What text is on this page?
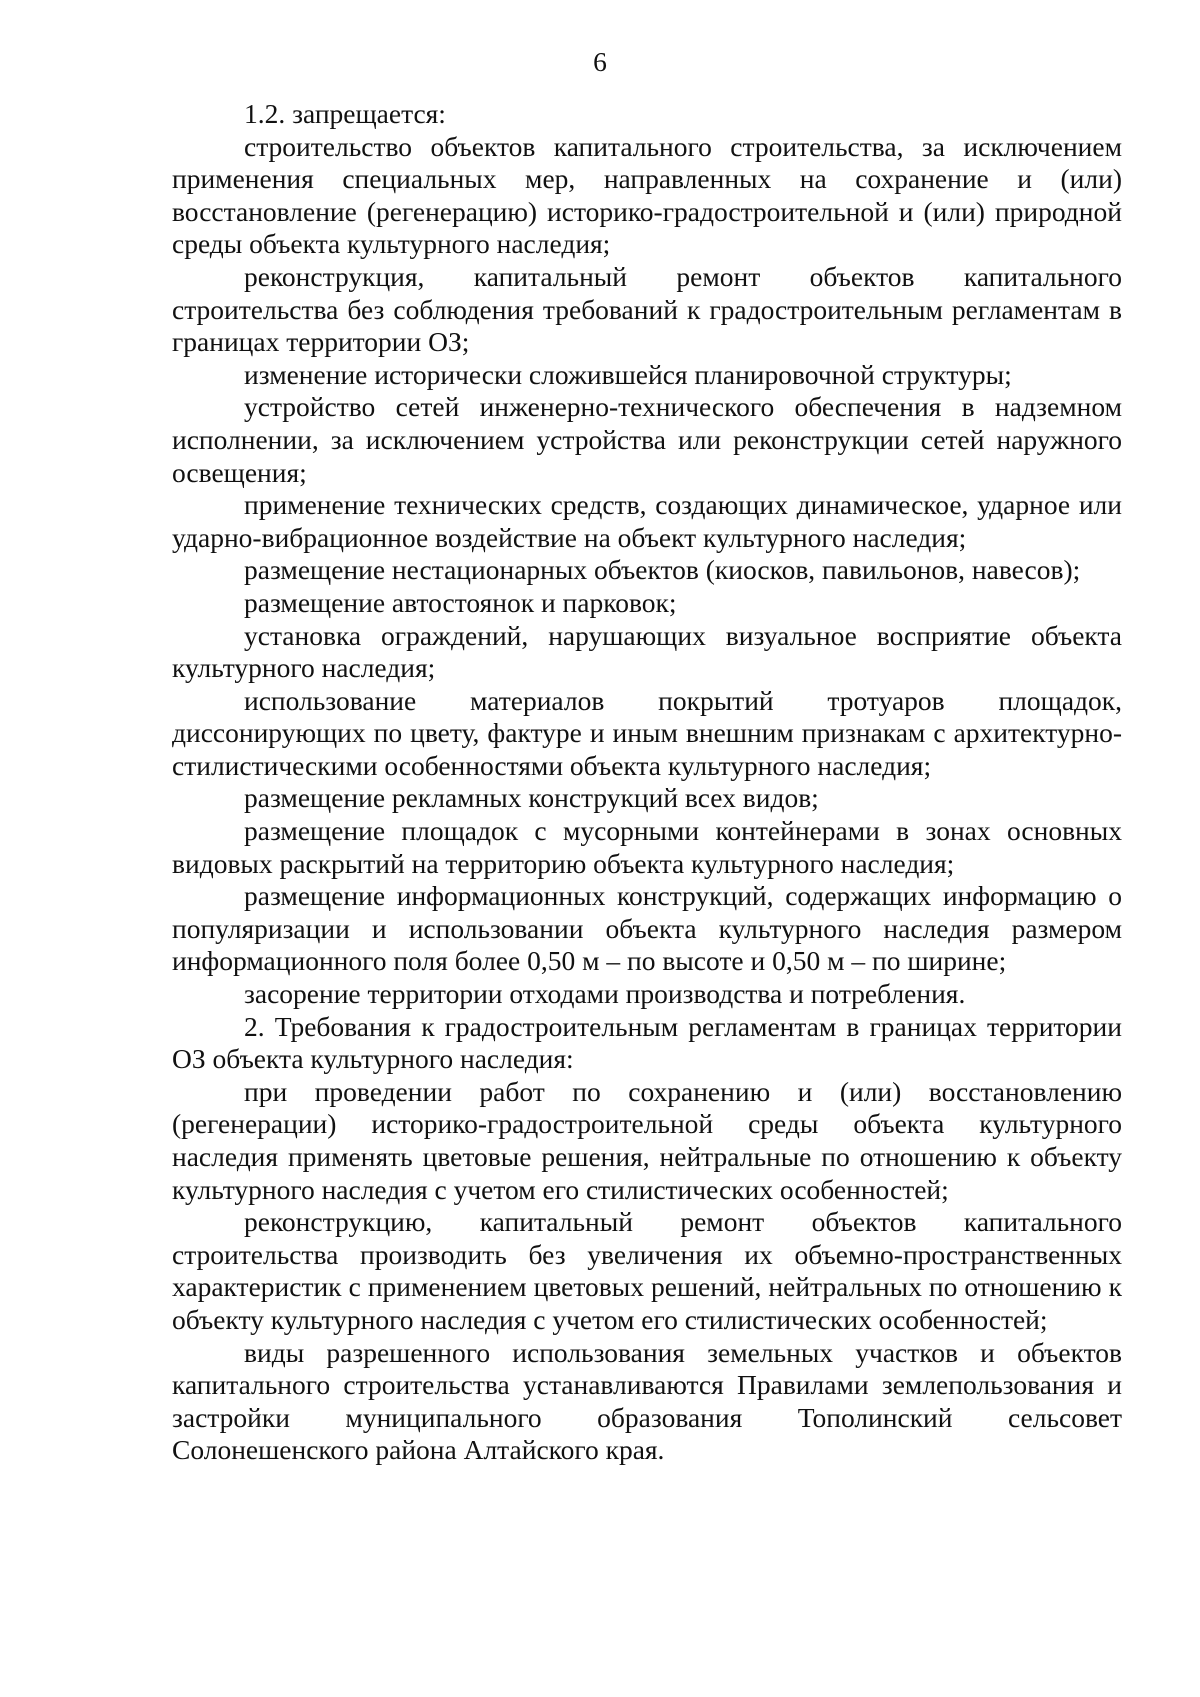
6

1.2. запрещается:

строительство объектов капитального строительства, за исключением применения специальных мер, направленных на сохранение и (или) восстановление (регенерацию) историко-градостроительной и (или) природной среды объекта культурного наследия;

реконструкция, капитальный ремонт объектов капитального строительства без соблюдения требований к градостроительным регламентам в границах территории ОЗ;

изменение исторически сложившейся планировочной структуры;

устройство сетей инженерно-технического обеспечения в надземном исполнении, за исключением устройства или реконструкции сетей наружного освещения;

применение технических средств, создающих динамическое, ударное или ударно-вибрационное воздействие на объект культурного наследия;

размещение нестационарных объектов (киосков, павильонов, навесов);

размещение автостоянок и парковок;

установка ограждений, нарушающих визуальное восприятие объекта культурного наследия;

использование материалов покрытий тротуаров площадок, диссонирующих по цвету, фактуре и иным внешним признакам с архитектурно-стилистическими особенностями объекта культурного наследия;

размещение рекламных конструкций всех видов;

размещение площадок с мусорными контейнерами в зонах основных видовых раскрытий на территорию объекта культурного наследия;

размещение информационных конструкций, содержащих информацию о популяризации и использовании объекта культурного наследия размером информационного поля более 0,50 м – по высоте и 0,50 м – по ширине;

засорение территории отходами производства и потребления.

2. Требования к градостроительным регламентам в границах территории ОЗ объекта культурного наследия:

при проведении работ по сохранению и (или) восстановлению (регенерации) историко-градостроительной среды объекта культурного наследия применять цветовые решения, нейтральные по отношению к объекту культурного наследия с учетом его стилистических особенностей;

реконструкцию, капитальный ремонт объектов капитального строительства производить без увеличения их объемно-пространственных характеристик с применением цветовых решений, нейтральных по отношению к объекту культурного наследия с учетом его стилистических особенностей;

виды разрешенного использования земельных участков и объектов капитального строительства устанавливаются Правилами землепользования и застройки муниципального образования Тополинский сельсовет Солонешенского района Алтайского края.
